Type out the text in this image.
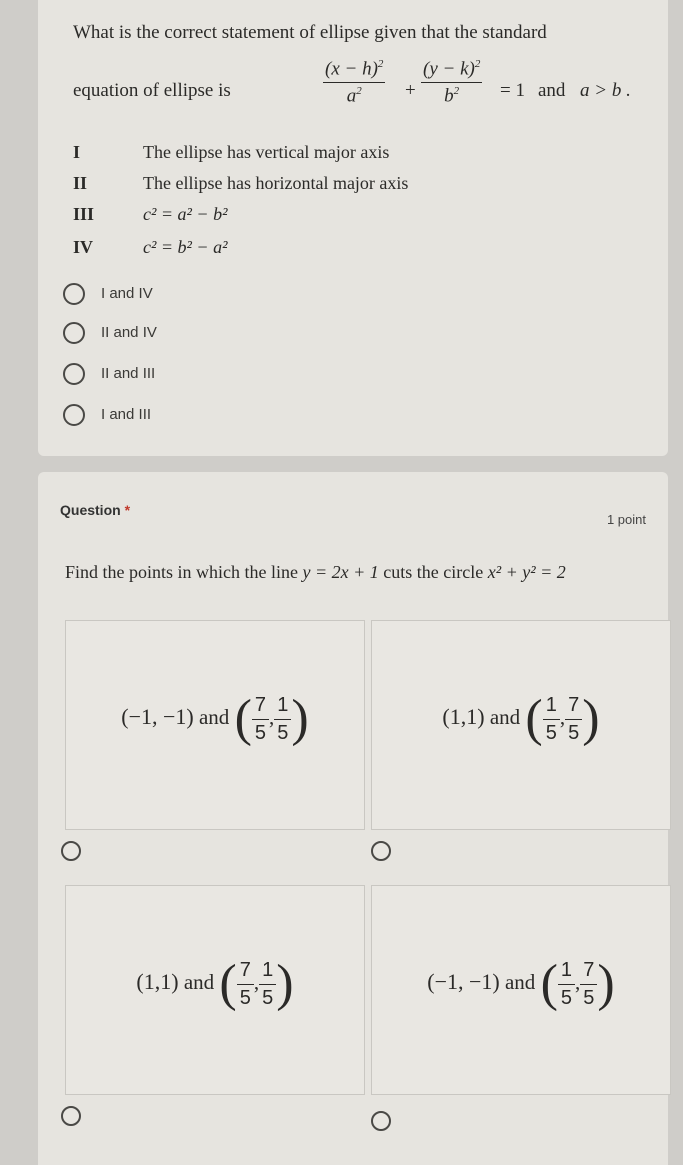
What is the correct statement of ellipse given that the standard
equation of ellipse is	$\frac{(x - h)^2}{a^2} + \frac{(y - k)^2}{b^2} = 1$ and a > b .
I	The ellipse has vertical major axis
II	The ellipse has horizontal major axis
III	c² = a² − b²
IV	c² = b² − a²
I and IV
II and IV
II and III
I and III
Question *
1 point
Find the points in which the line y = 2x + 1 cuts the circle x² + y² = 2
(−1, −1) and ( $\frac{7}{5}$ , $\frac{1}{5}$ )	(1,1) and ( $\frac{1}{5}$ , $\frac{7}{5}$ )
(1,1) and ( $\frac{7}{5}$ , $\frac{1}{5}$ )	(−1, −1) and ( $\frac{1}{5}$ , $\frac{7}{5}$ )
